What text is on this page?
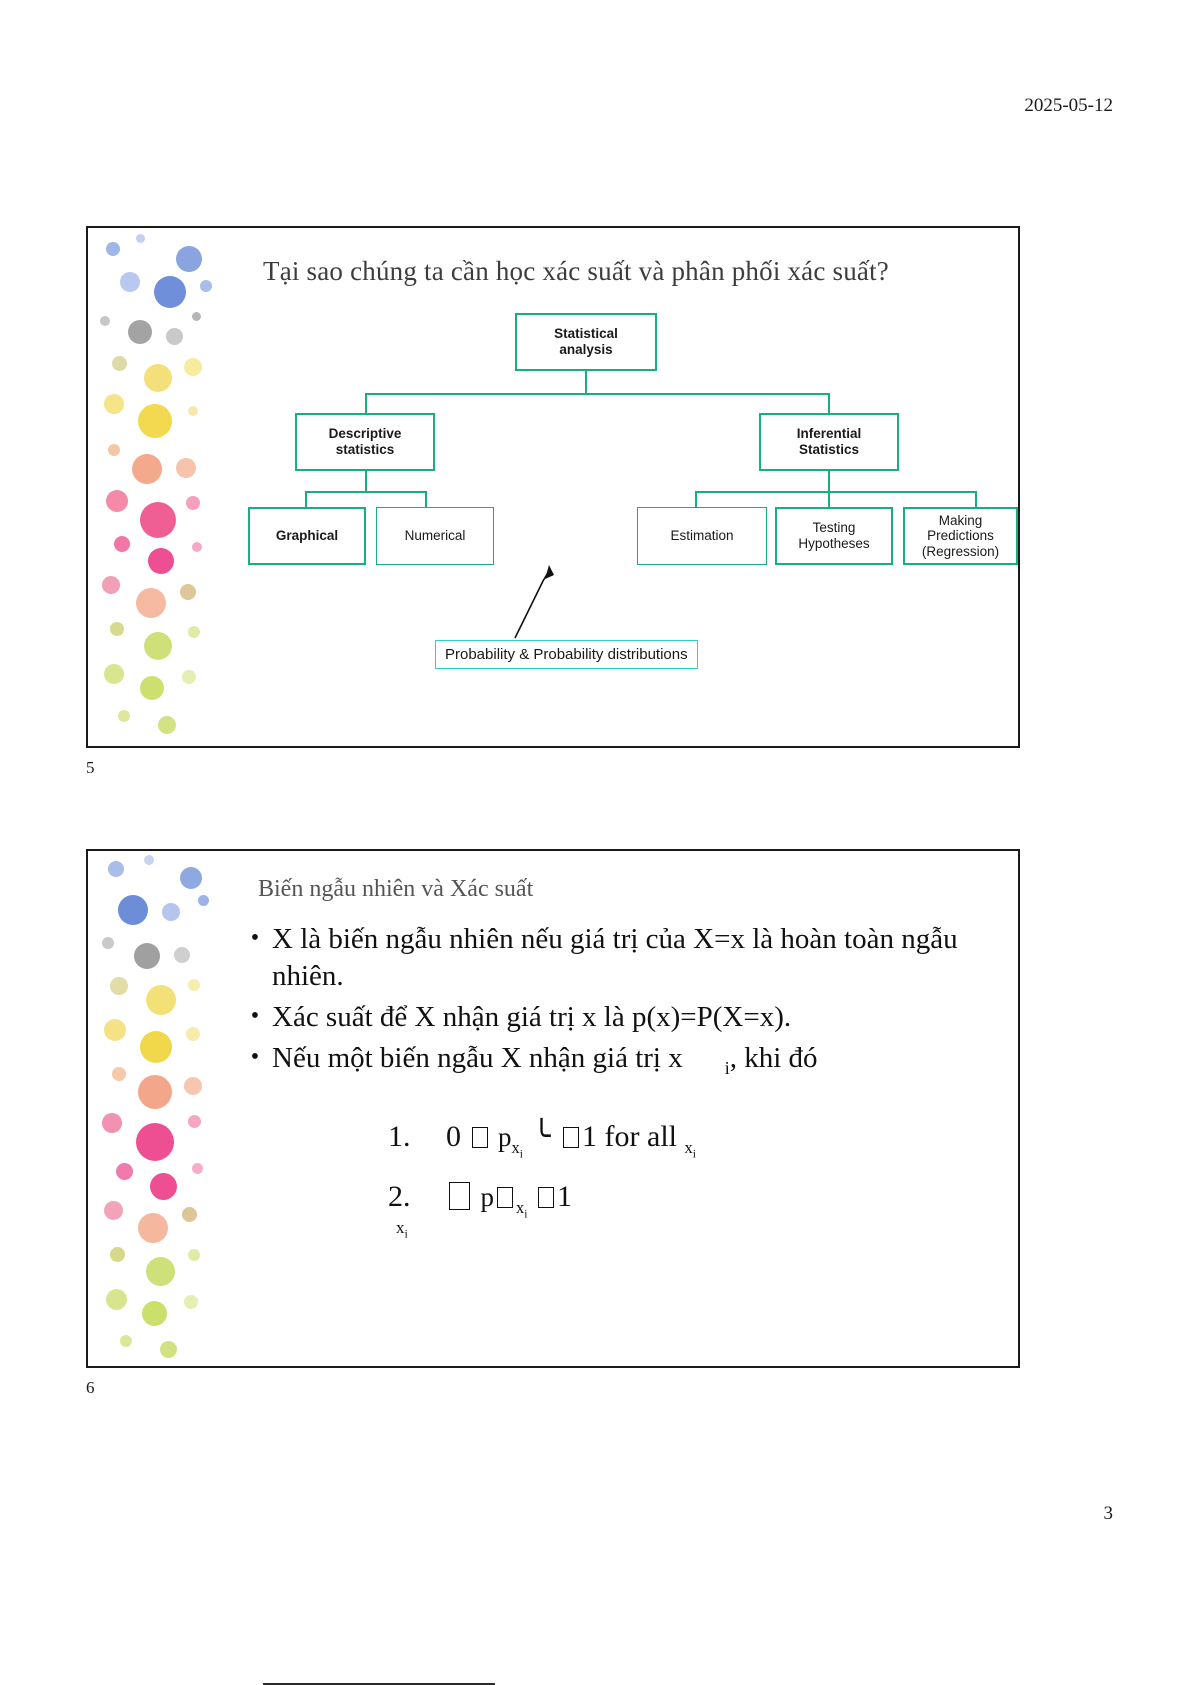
2025-05-12
Tại sao chúng ta cần học xác suất và phân phối xác suất?
Statistical
analysis
Descriptive
statistics
Inferential
Statistics
Graphical	Numerical	Estimation
Testing
Hypotheses
Making
Predictions
(Regression)
Probability & Probability distributions
5
Biến ngẫu nhiên và Xác suất
• X là biến ngẫu nhiên nếu giá trị của X=x là hoàn toàn ngẫu nhiên.
• Xác suất để X nhận giá trị x là p(x)=P(X=x).
• Nếu một biến ngẫu X nhận giá trị x $_i$, khi đó
1.	0 $p_{x_i}$ ╰ 1 for all $_{x_i}$
2.	p $_{x_i}$ 1
$x_i$
6
3
